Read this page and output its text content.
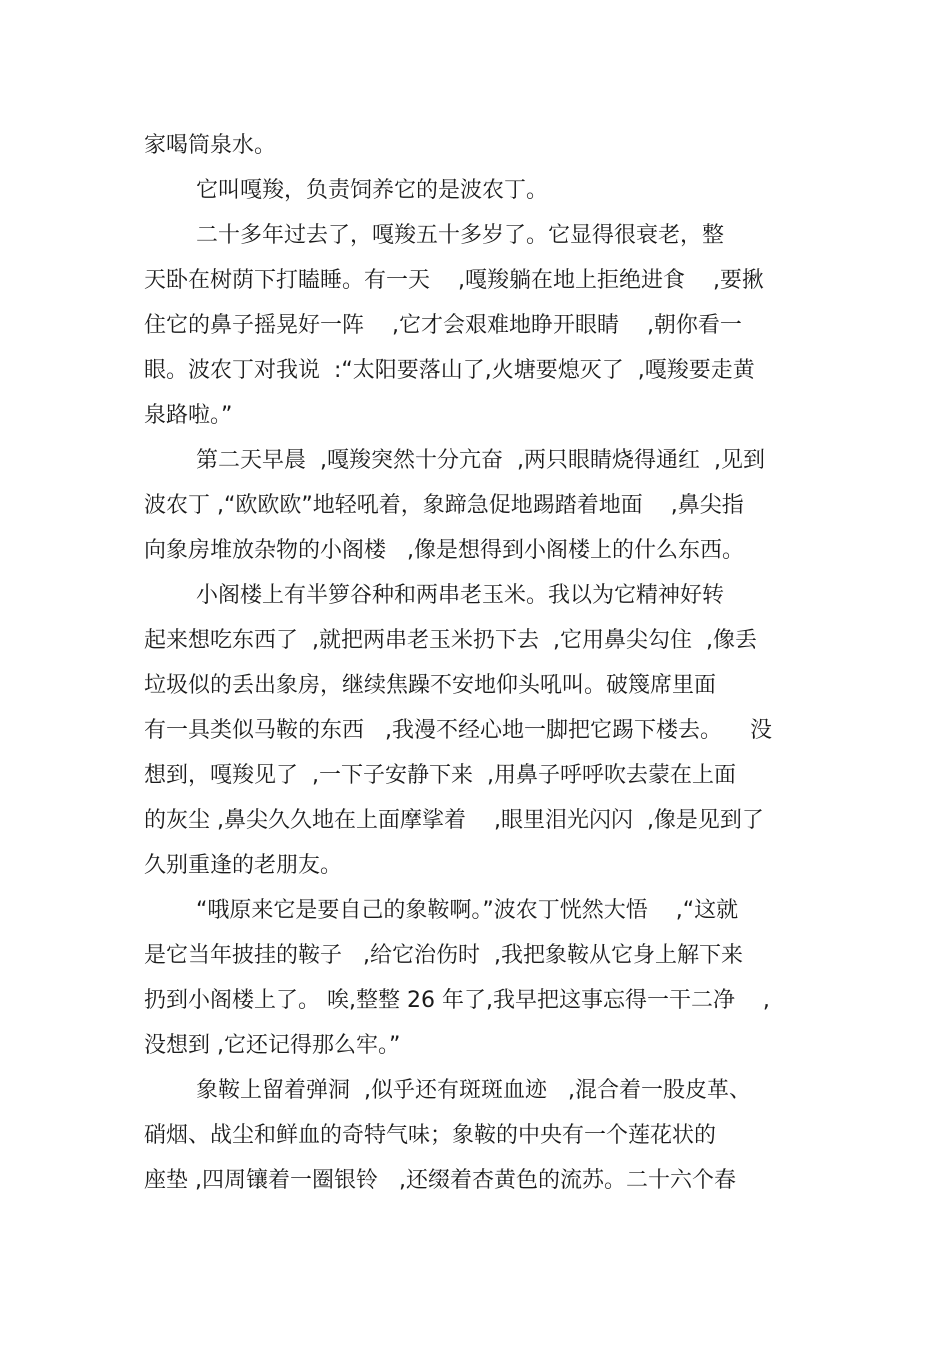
家喝筒泉水。
它叫嘎羧，负责饲养它的是波农丁。
二十多年过去了，嘎羧五十多岁了。它显得很衰老，整
天卧在树荫下打瞌睡。有一天    ,嘎羧躺在地上拒绝进食    ,要揪
住它的鼻子摇晃好一阵    ,它才会艰难地睁开眼睛    ,朝你看一
眼。波农丁对我说  :“太阳要落山了,火塘要熄灭了  ,嘎羧要走黄
泉路啦。”
第二天早晨  ,嘎羧突然十分亢奋  ,两只眼睛烧得通红  ,见到
波农丁 ,“欧欧欧”地轻吼着，象蹄急促地踢踏着地面    ,鼻尖指
向象房堆放杂物的小阁楼   ,像是想得到小阁楼上的什么东西。
小阁楼上有半箩谷种和两串老玉米。我以为它精神好转
起来想吃东西了  ,就把两串老玉米扔下去  ,它用鼻尖勾住  ,像丢
垃圾似的丢出象房，继续焦躁不安地仰头吼叫。破篾席里面
有一具类似马鞍的东西   ,我漫不经心地一脚把它踢下楼去。    没
想到，嘎羧见了  ,一下子安静下来  ,用鼻子呼呼吹去蒙在上面
的灰尘 ,鼻尖久久地在上面摩挲着    ,眼里泪光闪闪  ,像是见到了
久别重逢的老朋友。
“哦原来它是要自己的象鞍啊。”波农丁恍然大悟    ,“这就
是它当年披挂的鞍子   ,给它治伤时  ,我把象鞍从它身上解下来
扔到小阁楼上了。 唉,整整 26 年了,我早把这事忘得一干二净    ,
没想到 ,它还记得那么牢。”
象鞍上留着弹洞  ,似乎还有斑斑血迹   ,混合着一股皮革、
硝烟、战尘和鲜血的奇特气味；象鞍的中央有一个莲花状的
座垫 ,四周镶着一圈银铃   ,还缀着杏黄色的流苏。二十六个春
